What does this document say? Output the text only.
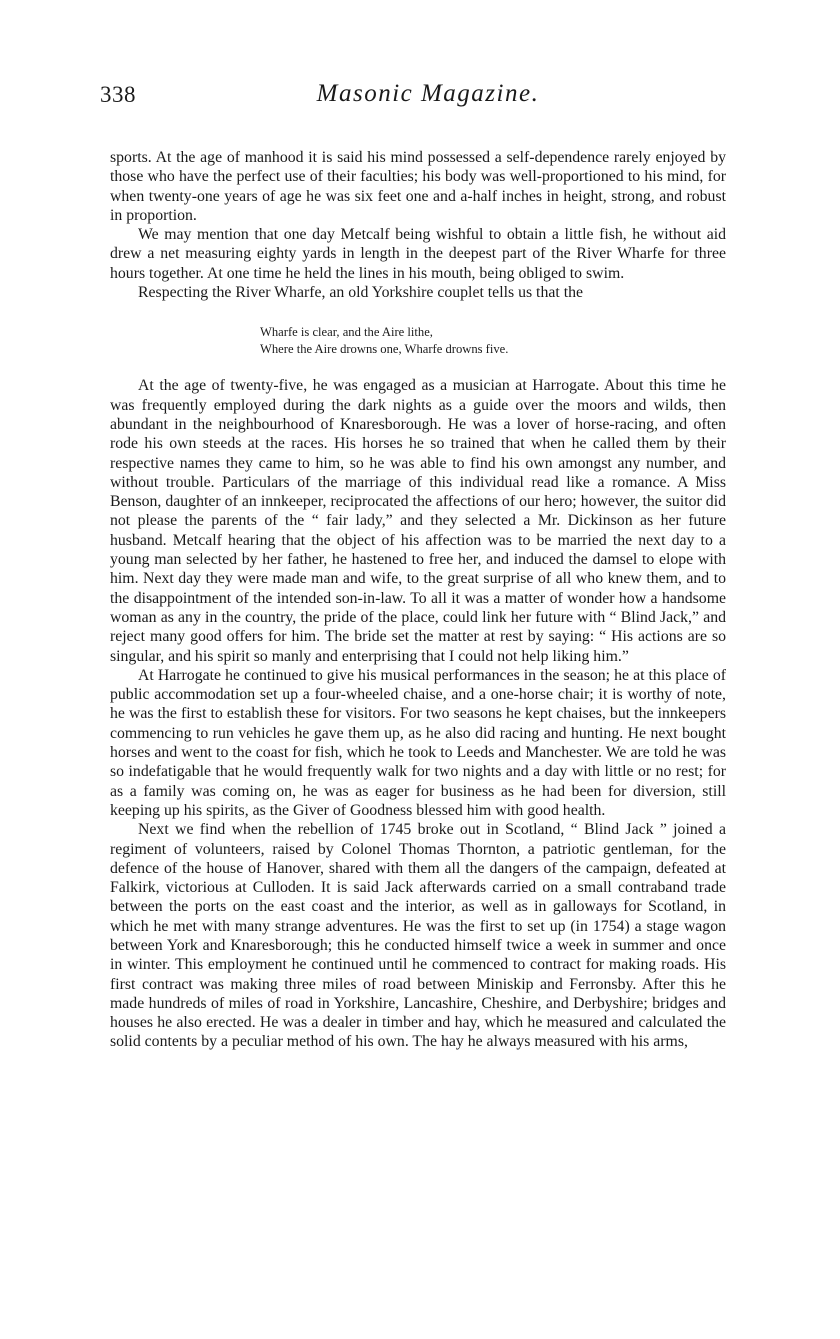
338	Masonic Magazine.

sports. At the age of manhood it is said his mind possessed a self-dependence rarely enjoyed by those who have the perfect use of their faculties; his body was well-proportioned to his mind, for when twenty-one years of age he was six feet one and a-half inches in height, strong, and robust in proportion.

We may mention that one day Metcalf being wishful to obtain a little fish, he without aid drew a net measuring eighty yards in length in the deepest part of the River Wharfe for three hours together. At one time he held the lines in his mouth, being obliged to swim.

Respecting the River Wharfe, an old Yorkshire couplet tells us that the

Wharfe is clear, and the Aire lithe,
Where the Aire drowns one, Wharfe drowns five.

At the age of twenty-five, he was engaged as a musician at Harrogate. About this time he was frequently employed during the dark nights as a guide over the moors and wilds, then abundant in the neighbourhood of Knaresborough. He was a lover of horse-racing, and often rode his own steeds at the races. His horses he so trained that when he called them by their respective names they came to him, so he was able to find his own amongst any number, and without trouble. Particulars of the marriage of this individual read like a romance. A Miss Benson, daughter of an innkeeper, reciprocated the affections of our hero; however, the suitor did not please the parents of the “ fair lady,” and they selected a Mr. Dickinson as her future husband. Metcalf hearing that the object of his affection was to be married the next day to a young man selected by her father, he hastened to free her, and induced the damsel to elope with him. Next day they were made man and wife, to the great surprise of all who knew them, and to the disappointment of the intended son-in-law. To all it was a matter of wonder how a handsome woman as any in the country, the pride of the place, could link her future with “ Blind Jack,” and reject many good offers for him. The bride set the matter at rest by saying: “ His actions are so singular, and his spirit so manly and enterprising that I could not help liking him.”

At Harrogate he continued to give his musical performances in the season; he at this place of public accommodation set up a four-wheeled chaise, and a one-horse chair; it is worthy of note, he was the first to establish these for visitors. For two seasons he kept chaises, but the innkeepers commencing to run vehicles he gave them up, as he also did racing and hunting. He next bought horses and went to the coast for fish, which he took to Leeds and Manchester. We are told he was so indefatigable that he would frequently walk for two nights and a day with little or no rest; for as a family was coming on, he was as eager for business as he had been for diversion, still keeping up his spirits, as the Giver of Goodness blessed him with good health.

Next we find when the rebellion of 1745 broke out in Scotland, “ Blind Jack ” joined a regiment of volunteers, raised by Colonel Thomas Thornton, a patriotic gentleman, for the defence of the house of Hanover, shared with them all the dangers of the campaign, defeated at Falkirk, victorious at Culloden. It is said Jack afterwards carried on a small contraband trade between the ports on the east coast and the interior, as well as in galloways for Scotland, in which he met with many strange adventures. He was the first to set up (in 1754) a stage wagon between York and Knaresborough; this he conducted himself twice a week in summer and once in winter. This employment he continued until he commenced to contract for making roads. His first contract was making three miles of road between Miniskip and Ferronsby. After this he made hundreds of miles of road in Yorkshire, Lancashire, Cheshire, and Derbyshire; bridges and houses he also erected. He was a dealer in timber and hay, which he measured and calculated the solid contents by a peculiar method of his own. The hay he always measured with his arms,
